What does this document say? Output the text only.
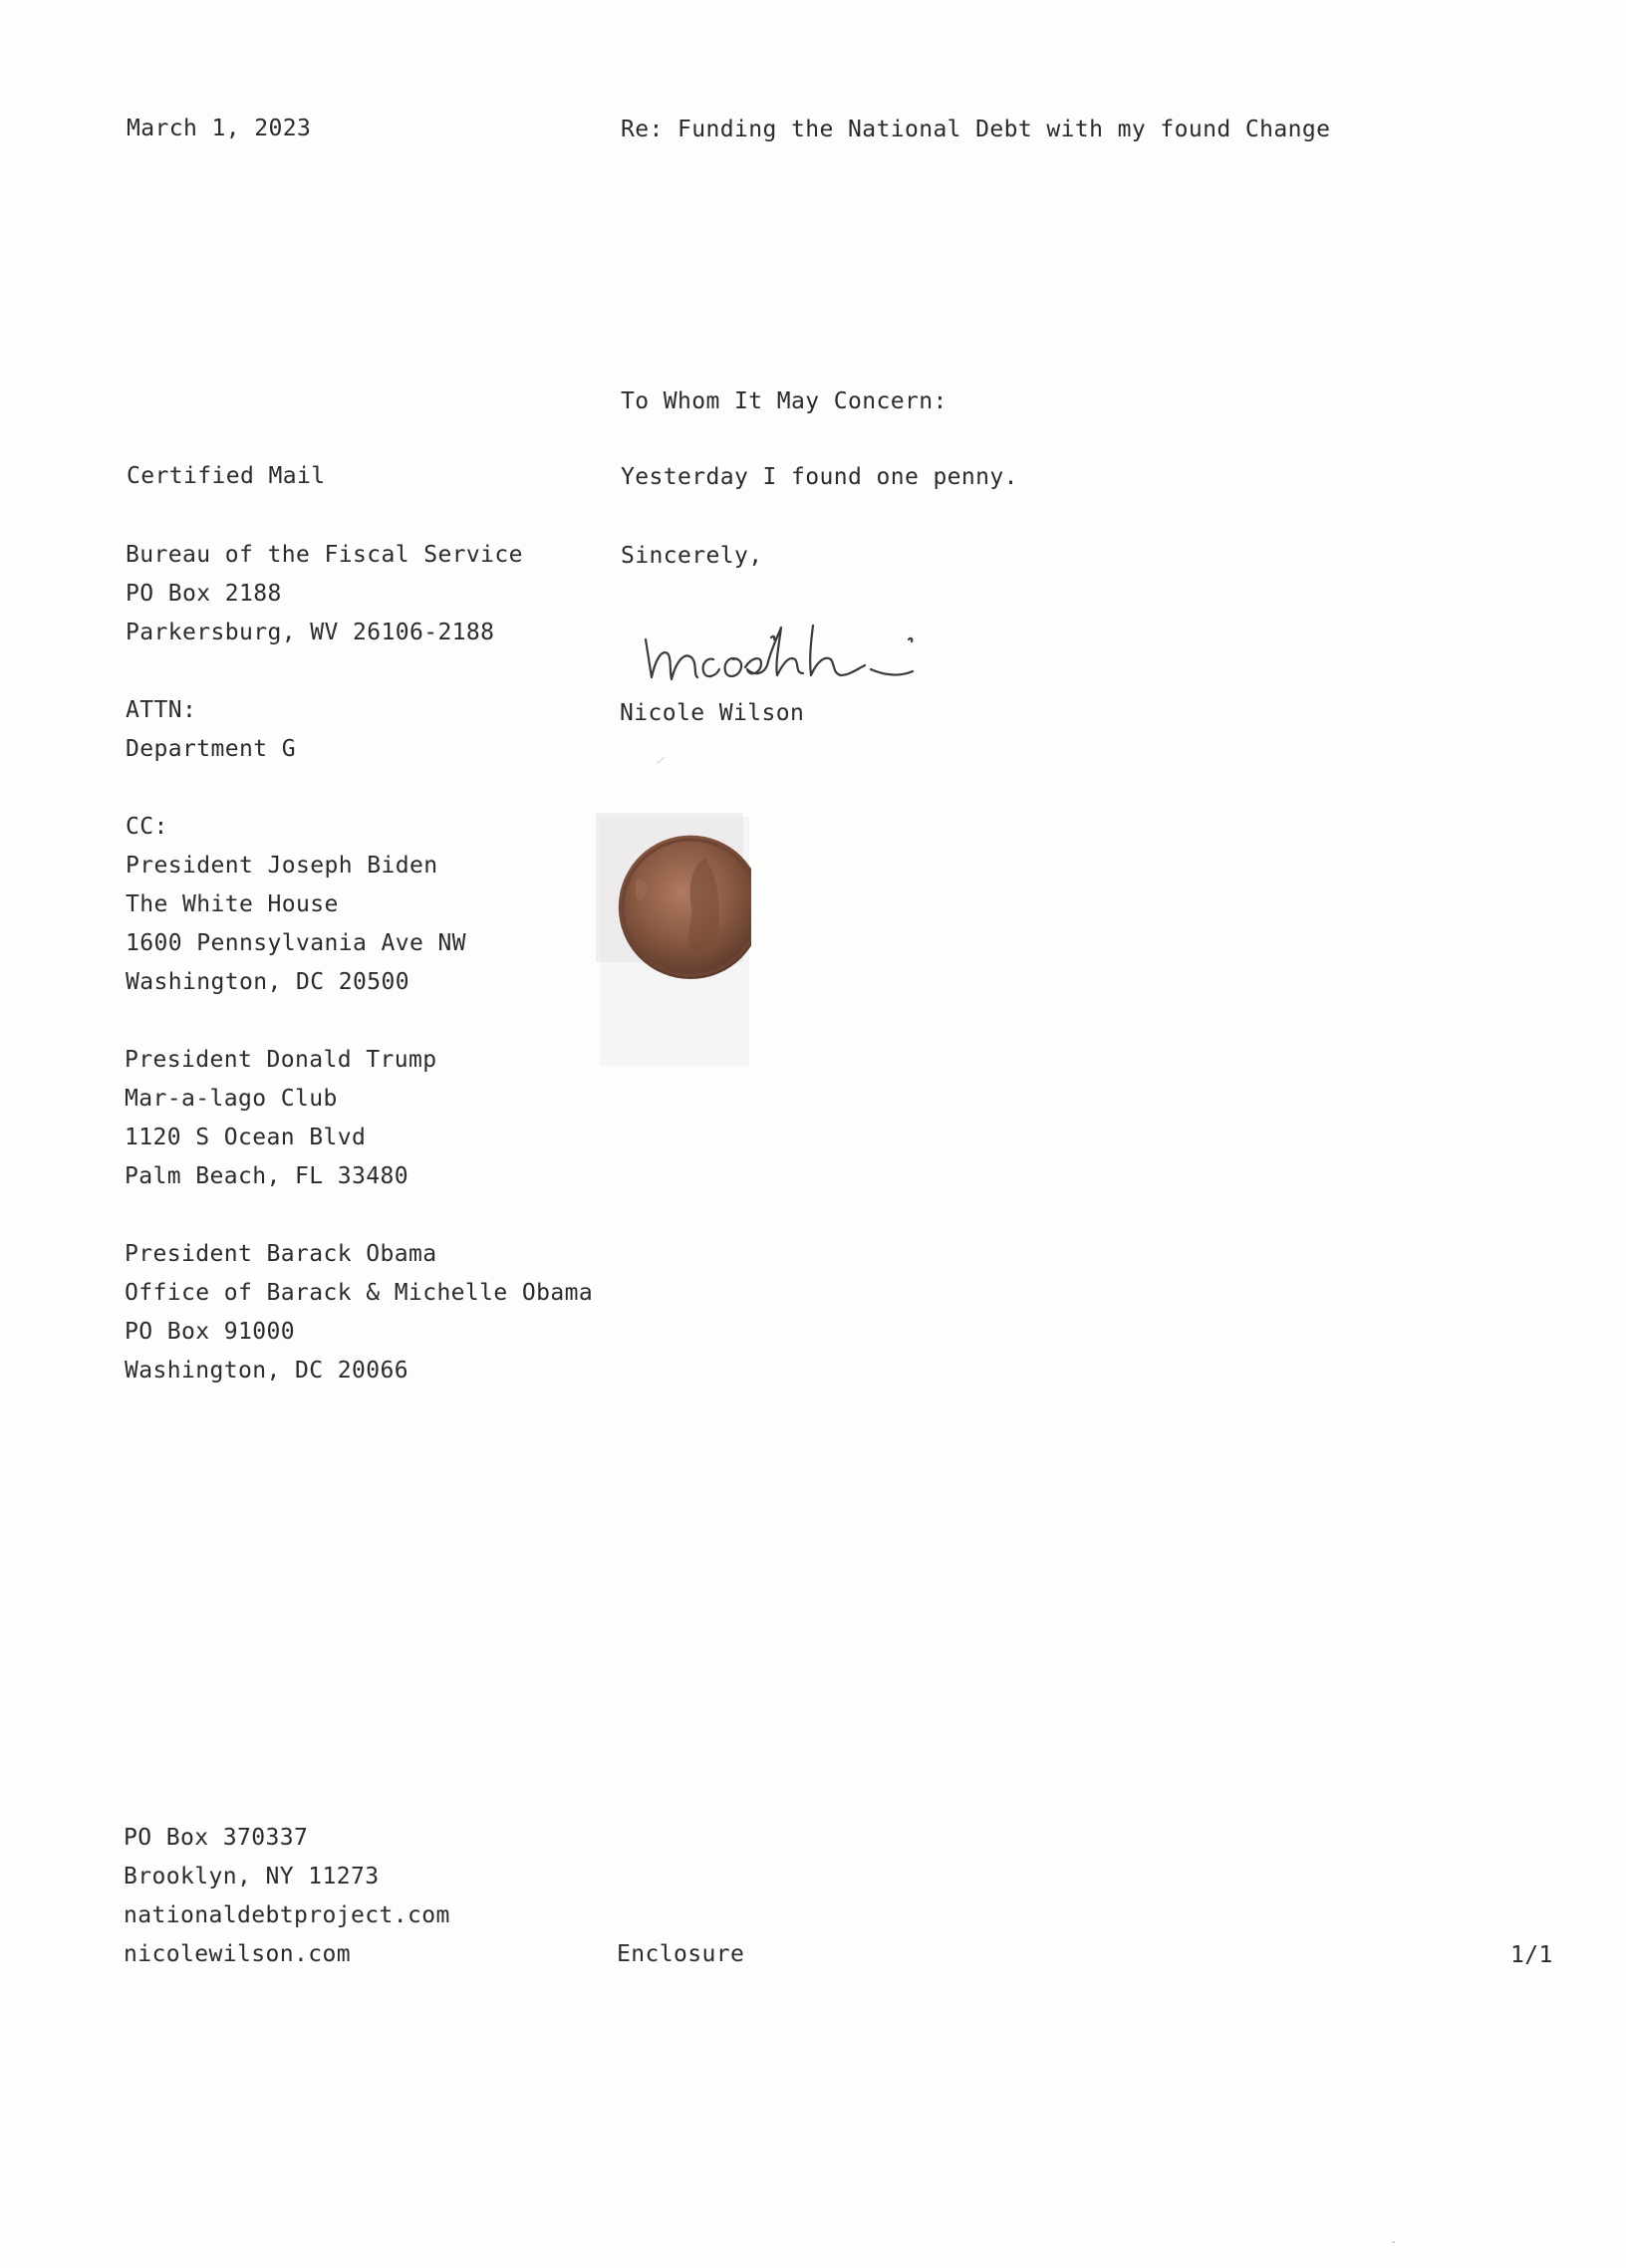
March 1, 2023	Re: Funding the National Debt with my found Change
To Whom It May Concern:
Yesterday I found one penny.
Sincerely,
Nicole Wilson
Certified Mail
Bureau of the Fiscal Service
PO Box 2188
Parkersburg, WV 26106-2188
ATTN:
Department G
CC:
President Joseph Biden
The White House
1600 Pennsylvania Ave NW
Washington, DC 20500
President Donald Trump
Mar-a-lago Club
1120 S Ocean Blvd
Palm Beach, FL 33480
President Barack Obama
Office of Barack & Michelle Obama
PO Box 91000
Washington, DC 20066
PO Box 370337
Brooklyn, NY 11273
nationaldebtproject.com
nicolewilson.com	Enclosure	1/1
